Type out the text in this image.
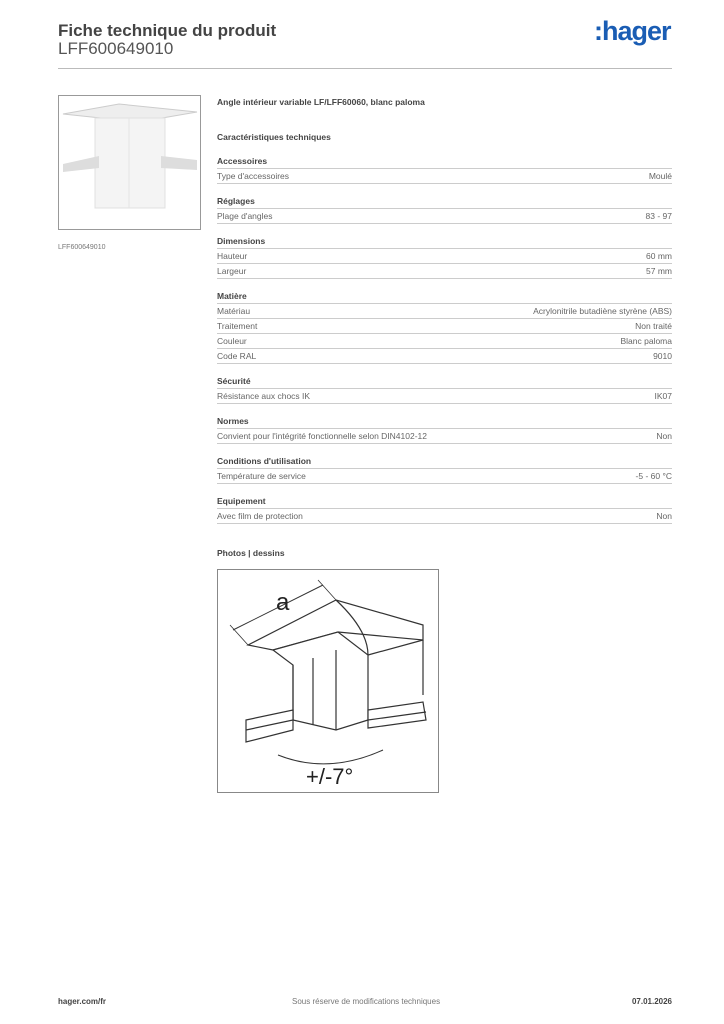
Fiche technique du produit
LFF600649010
:hager
LFF600649010
Angle intérieur variable LF/LFF60060, blanc paloma
Caractéristiques techniques
Accessoires
Type d'accessoires	Moulé
Réglages
Plage d'angles	83 - 97
Dimensions
Hauteur	60 mm
Largeur	57 mm
Matière
Matériau	Acrylonitrile butadiène styrène (ABS)
Traitement	Non traité
Couleur	Blanc paloma
Code RAL	9010
Sécurité
Résistance aux chocs IK	IK07
Normes
Convient pour l'intégrité fonctionnelle selon DIN4102-12	Non
Conditions d'utilisation
Température de service	-5 - 60 °C
Equipement
Avec film de protection	Non
Photos | dessins
a
+/-7°
hager.com/fr	Sous réserve de modifications techniques	07.01.2026
